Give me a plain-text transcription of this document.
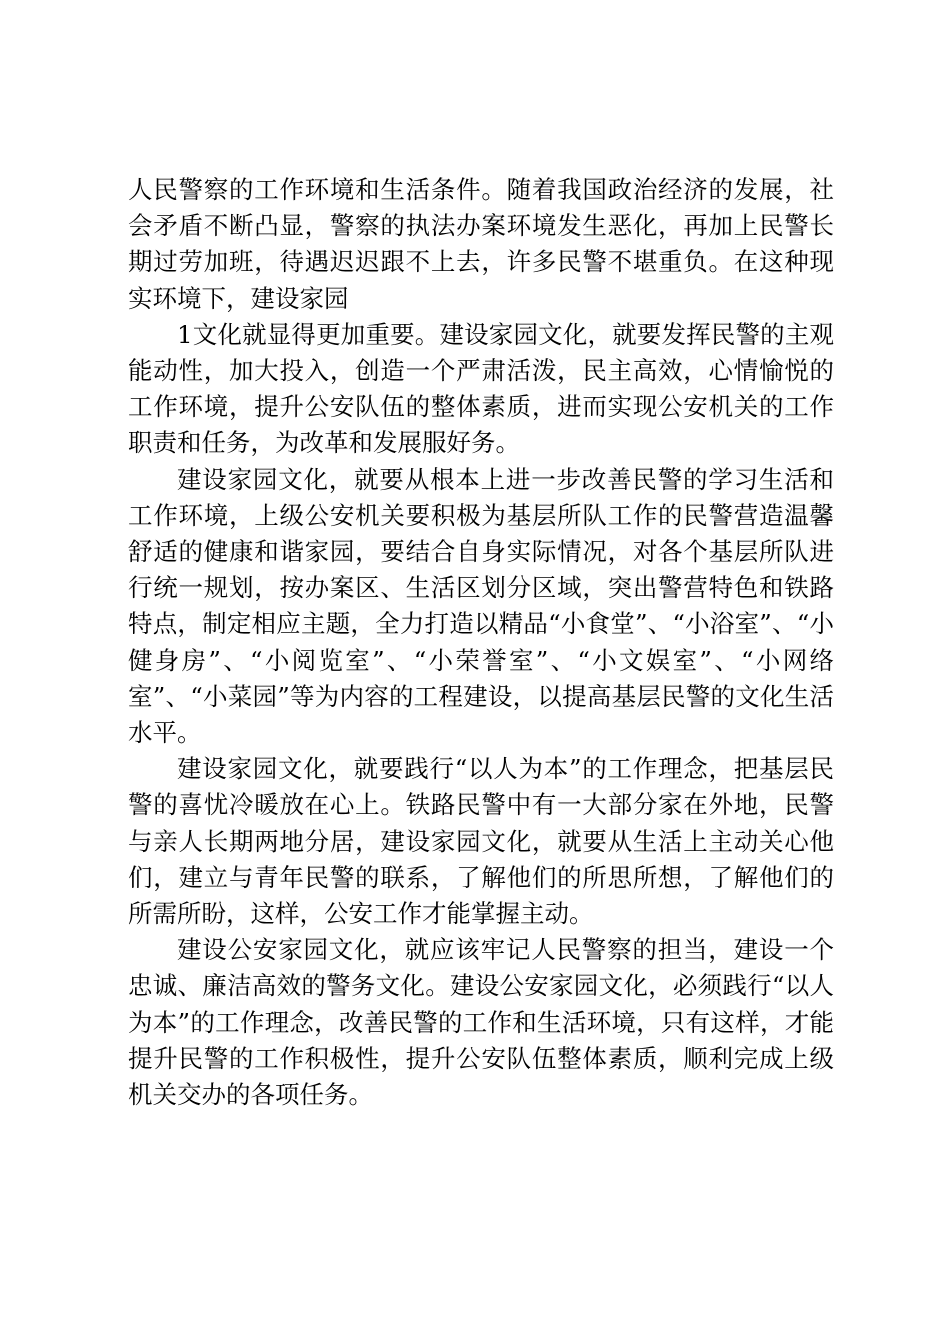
人民警察的工作环境和生活条件。随着我国政治经济的发展，社会矛盾不断凸显，警察的执法办案环境发生恶化，再加上民警长期过劳加班，待遇迟迟跟不上去，许多民警不堪重负。在这种现实环境下，建设家园

1文化就显得更加重要。建设家园文化，就要发挥民警的主观能动性，加大投入，创造一个严肃活泼，民主高效，心情愉悦的工作环境，提升公安队伍的整体素质，进而实现公安机关的工作职责和任务，为改革和发展服好务。

建设家园文化，就要从根本上进一步改善民警的学习生活和工作环境，上级公安机关要积极为基层所队工作的民警营造温馨舒适的健康和谐家园，要结合自身实际情况，对各个基层所队进行统一规划，按办案区、生活区划分区域，突出警营特色和铁路特点，制定相应主题，全力打造以精品“小食堂”、“小浴室”、“小健身房”、“小阅览室”、“小荣誉室”、“小文娱室”、“小网络室”、“小菜园”等为内容的工程建设，以提高基层民警的文化生活水平。

建设家园文化，就要践行“以人为本”的工作理念，把基层民警的喜忧冷暖放在心上。铁路民警中有一大部分家在外地，民警与亲人长期两地分居，建设家园文化，就要从生活上主动关心他们，建立与青年民警的联系，了解他们的所思所想，了解他们的所需所盼，这样，公安工作才能掌握主动。

建设公安家园文化，就应该牢记人民警察的担当，建设一个忠诚、廉洁高效的警务文化。建设公安家园文化，必须践行“以人为本”的工作理念，改善民警的工作和生活环境，只有这样，才能提升民警的工作积极性，提升公安队伍整体素质，顺利完成上级机关交办的各项任务。
